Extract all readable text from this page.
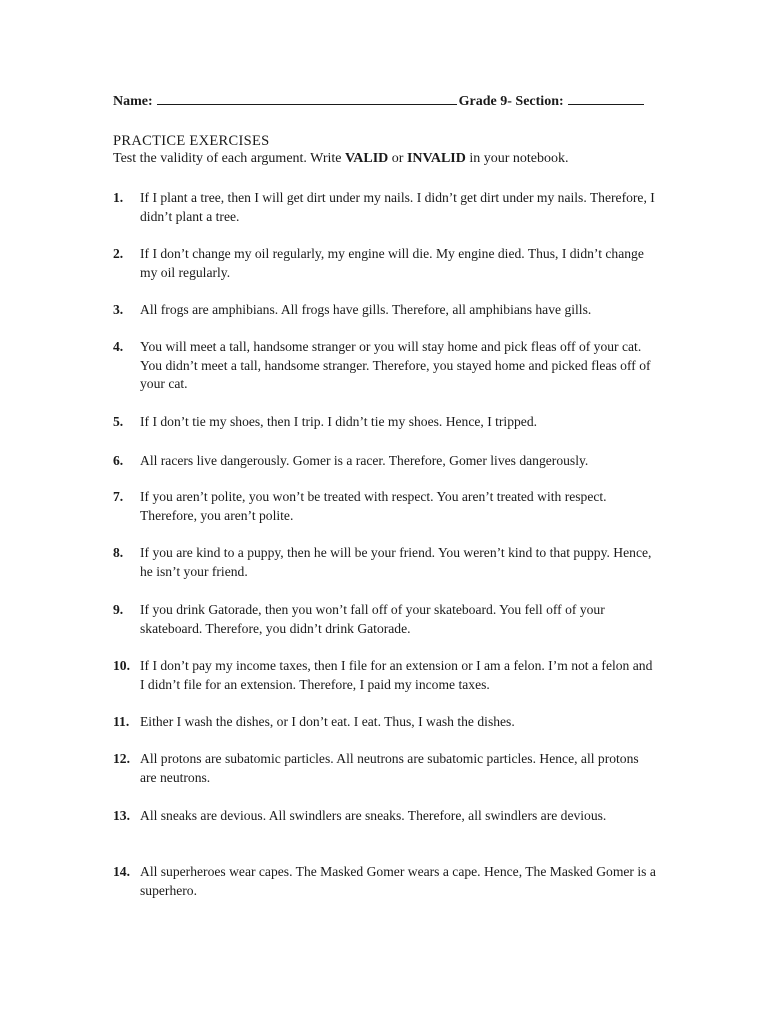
Name:	Grade 9- Section:
PRACTICE EXERCISES
Test the validity of each argument. Write VALID or INVALID in your notebook.
1.	If I plant a tree, then I will get dirt under my nails. I didn’t get dirt under my nails. Therefore, I didn’t plant a tree.
2.	If I don’t change my oil regularly, my engine will die. My engine died. Thus, I didn’t change my oil regularly.
3.	All frogs are amphibians. All frogs have gills. Therefore, all amphibians have gills.
4.	You will meet a tall, handsome stranger or you will stay home and pick fleas off of your cat. You didn’t meet a tall, handsome stranger. Therefore, you stayed home and picked fleas off of your cat.
5.	If I don’t tie my shoes, then I trip. I didn’t tie my shoes. Hence, I tripped.
6.	All racers live dangerously. Gomer is a racer. Therefore, Gomer lives dangerously.
7.	If you aren’t polite, you won’t be treated with respect. You aren’t treated with respect. Therefore, you aren’t polite.
8.	If you are kind to a puppy, then he will be your friend. You weren’t kind to that puppy. Hence, he isn’t your friend.
9.	If you drink Gatorade, then you won’t fall off of your skateboard. You fell off of your skateboard. Therefore, you didn’t drink Gatorade.
10. If I don’t pay my income taxes, then I file for an extension or I am a felon. I’m not a felon and I didn’t file for an extension. Therefore, I paid my income taxes.
11. Either I wash the dishes, or I don’t eat. I eat. Thus, I wash the dishes.
12. All protons are subatomic particles. All neutrons are subatomic particles. Hence, all protons are neutrons.
13. All sneaks are devious. All swindlers are sneaks. Therefore, all swindlers are devious.
14. All superheroes wear capes. The Masked Gomer wears a cape. Hence, The Masked Gomer is a superhero.
